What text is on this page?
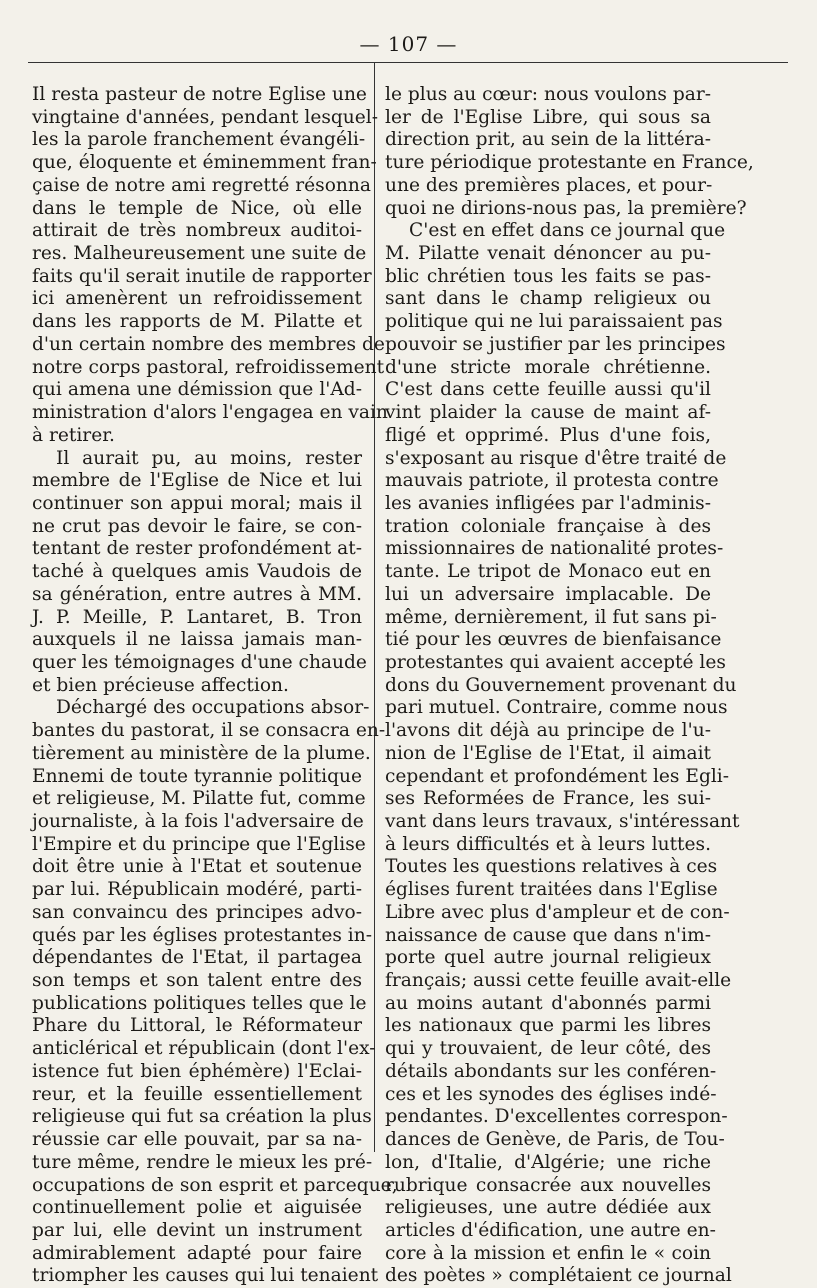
— 107 —
Il resta pasteur de notre Eglise une
vingtaine d'années, pendant lesquel-
les la parole franchement évangéli-
que, éloquente et éminemment fran-
çaise de notre ami regretté résonna
dans le temple de Nice, où elle
attirait de très nombreux auditoi-
res. Malheureusement une suite de
faits qu'il serait inutile de rapporter
ici amenèrent un refroidissement
dans les rapports de M. Pilatte et
d'un certain nombre des membres de
notre corps pastoral, refroidissement
qui amena une démission que l'Ad-
ministration d'alors l'engagea en vain
à retirer.
Il aurait pu, au moins, rester
membre de l'Eglise de Nice et lui
continuer son appui moral; mais il
ne crut pas devoir le faire, se con-
tentant de rester profondément at-
taché à quelques amis Vaudois de
sa génération, entre autres à MM.
J. P. Meille, P. Lantaret, B. Tron
auxquels il ne laissa jamais man-
quer les témoignages d'une chaude
et bien précieuse affection.
Déchargé des occupations absor-
bantes du pastorat, il se consacra en-
tièrement au ministère de la plume.
Ennemi de toute tyrannie politique
et religieuse, M. Pilatte fut, comme
journaliste, à la fois l'adversaire de
l'Empire et du principe que l'Eglise
doit être unie à l'Etat et soutenue
par lui. Républicain modéré, parti-
san convaincu des principes advo-
qués par les églises protestantes in-
dépendantes de l'Etat, il partagea
son temps et son talent entre des
publications politiques telles que le
Phare du Littoral, le Réformateur
anticlérical et républicain (dont l'ex-
istence fut bien éphémère) l'Eclai-
reur, et la feuille essentiellement
religieuse qui fut sa création la plus
réussie car elle pouvait, par sa na-
ture même, rendre le mieux les pré-
occupations de son esprit et parceque,
continuellement polie et aiguisée
par lui, elle devint un instrument
admirablement adapté pour faire
triompher les causes qui lui tenaient
le plus au cœur: nous voulons par-
ler de l'Eglise Libre, qui sous sa
direction prit, au sein de la littéra-
ture périodique protestante en France,
une des premières places, et pour-
quoi ne dirions-nous pas, la première?
C'est en effet dans ce journal que
M. Pilatte venait dénoncer au pu-
blic chrétien tous les faits se pas-
sant dans le champ religieux ou
politique qui ne lui paraissaient pas
pouvoir se justifier par les principes
d'une stricte morale chrétienne.
C'est dans cette feuille aussi qu'il
vint plaider la cause de maint af-
fligé et opprimé. Plus d'une fois,
s'exposant au risque d'être traité de
mauvais patriote, il protesta contre
les avanies infligées par l'adminis-
tration coloniale française à des
missionnaires de nationalité protes-
tante. Le tripot de Monaco eut en
lui un adversaire implacable. De
même, dernièrement, il fut sans pi-
tié pour les œuvres de bienfaisance
protestantes qui avaient accepté les
dons du Gouvernement provenant du
pari mutuel. Contraire, comme nous
l'avons dit déjà au principe de l'u-
nion de l'Eglise de l'Etat, il aimait
cependant et profondément les Egli-
ses Reformées de France, les sui-
vant dans leurs travaux, s'intéressant
à leurs difficultés et à leurs luttes.
Toutes les questions relatives à ces
églises furent traitées dans l'Eglise
Libre avec plus d'ampleur et de con-
naissance de cause que dans n'im-
porte quel autre journal religieux
français; aussi cette feuille avait-elle
au moins autant d'abonnés parmi
les nationaux que parmi les libres
qui y trouvaient, de leur côté, des
détails abondants sur les conféren-
ces et les synodes des églises indé-
pendantes. D'excellentes correspon-
dances de Genève, de Paris, de Tou-
lon, d'Italie, d'Algérie; une riche
rubrique consacrée aux nouvelles
religieuses, une autre dédiée aux
articles d'édification, une autre en-
core à la mission et enfin le « coin
des poètes » complétaient ce journal
